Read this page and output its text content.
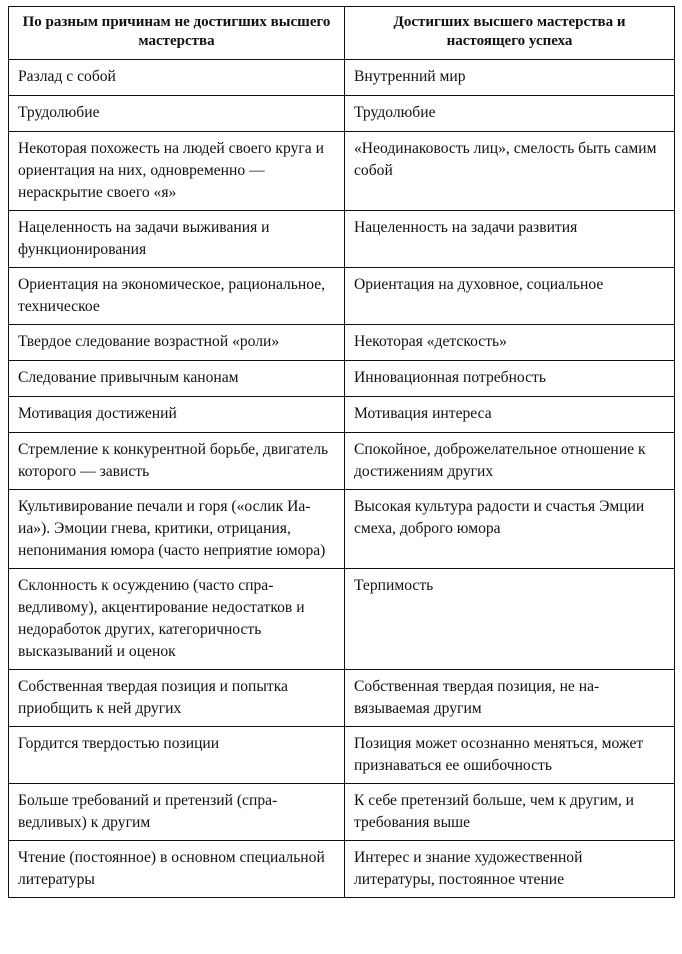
По разным причинам не достигших высшего мастерства	Достигших высшего мастерства и настоящего успеха
Разлад с собой	Внутренний мир
Трудолюбие	Трудолюбие
Некоторая похожесть на людей своего круга и ориентация на них, одновременно — нераскрытие своего «я»	«Неодинаковость лиц», смелость быть самим собой
Нацеленность на задачи выживания и функционирования	Нацеленность на задачи развития
Ориентация на экономическое, рациональное, техническое	Ориентация на духовное, социальное
Твердое следование возрастной «роли»	Некоторая «детскость»
Следование привычным канонам	Инновационная потребность
Мотивация достижений	Мотивация интереса
Стремление к конкурентной борьбе, двигатель которого — зависть	Спокойное, доброжелательное отношение к достижениям других
Культивирование печали и горя («ослик Иа-иа»). Эмоции гнева, критики, отрицания, непонимания юмора (часто неприятие юмора)	Высокая культура радости и счастья Эмции смеха, доброго юмора
Склонность к осуждению (часто справедливому), акцентирование недостатков и недоработок других, категоричность высказываний и оценок	Терпимость
Собственная твердая позиция и попытка приобщить к ней других	Собственная твердая позиция, не навязываемая другим
Гордится твердостью позиции	Позиция может осознанно меняться, может признаваться ее ошибочность
Больше требований и претензий (справедливых) к другим	К себе претензий больше, чем к другим, и требования выше
Чтение (постоянное) в основном специальной литературы	Интерес и знание художественной литературы, постоянное чтение
